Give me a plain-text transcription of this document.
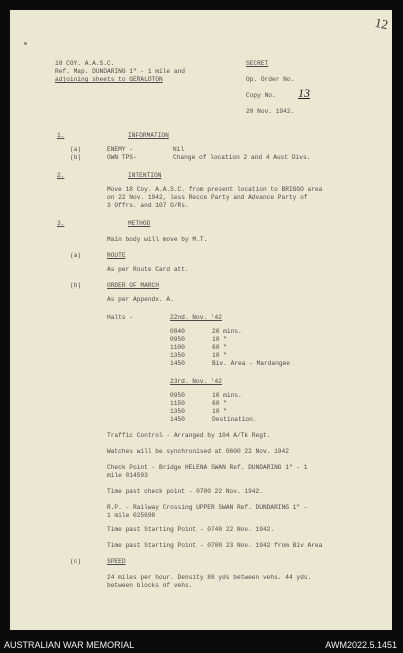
12
18 COY. A.A.S.C.
Ref. Map. DUNDARING 1" - 1 mile and
adjoining sheets to GERALDTON
SECRET
Op. Order No.
Copy No. 13
20 Nov. 1942.
1.	INFORMATION
(a)	ENEMY -	Nil
(b)	OWN TPS-	Change of location 2 and 4 Aust Divs.
2.	INTENTION
Move 18 Coy. A.A.S.C. from present location to BRIGGO area
on 22 Nov. 1942, less Recce Party and Advance Party of
3 Offrs. and 107 O/Rs.
3.	METHOD
Main body will move by M.T.
(a)	ROUTE
As per Route Card att.
(b)	ORDER OF MARCH
As per Appendx. A.
Halts -	22nd. Nov. '42
0840	20 mins.
0950	10 "
1100	60 "
1350	10 "
1450	Biv. Area - Mardangee
23rd. Nov. '42
0950	10 mins.
1150	60 "
1350	10 "
1450	Destination.
Traffic Control - Arranged by 104 A/Tk Regt.
Watches will be synchronised at 0600 22 Nov. 1942
Check Point - Bridge HELENA SWAN Ref. DUNDARING 1" - 1
mile 014593
Time past check point - 0700 22 Nov. 1942.
R.P. - Railway Crossing UPPER SWAN Ref. DUNDARING 1" -
1 mile 025698
Time past Starting Point - 0740 22 Nov. 1942.
Time past Starting Point - 0700 23 Nov. 1942 from Biv Area
(c)	SPEED
24 miles per hour. Density 88 yds between vehs. 44 yds.
between blocks of vehs.
AUSTRALIAN WAR MEMORIAL	AWM2022.5.1451
